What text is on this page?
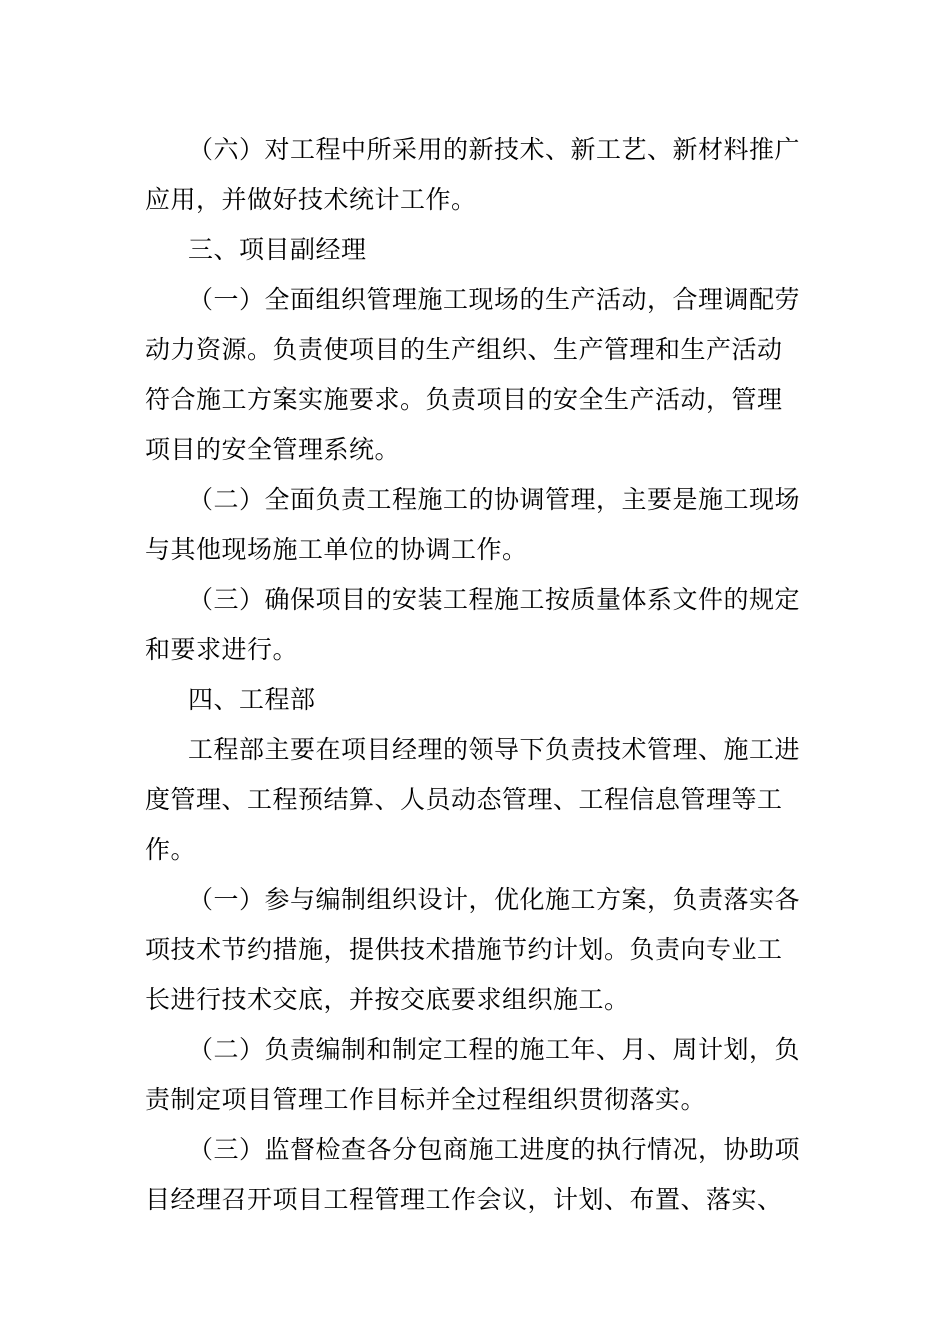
（六）对工程中所采用的新技术、新工艺、新材料推广
应用，并做好技术统计工作。
三、项目副经理
（一）全面组织管理施工现场的生产活动，合理调配劳
动力资源。负责使项目的生产组织、生产管理和生产活动
符合施工方案实施要求。负责项目的安全生产活动，管理
项目的安全管理系统。
（二）全面负责工程施工的协调管理，主要是施工现场
与其他现场施工单位的协调工作。
（三）确保项目的安装工程施工按质量体系文件的规定
和要求进行。
四、工程部
工程部主要在项目经理的领导下负责技术管理、施工进
度管理、工程预结算、人员动态管理、工程信息管理等工
作。
（一）参与编制组织设计，优化施工方案，负责落实各
项技术节约措施，提供技术措施节约计划。负责向专业工
长进行技术交底，并按交底要求组织施工。
（二）负责编制和制定工程的施工年、月、周计划，负
责制定项目管理工作目标并全过程组织贯彻落实。
（三）监督检查各分包商施工进度的执行情况，协助项
目经理召开项目工程管理工作会议，计划、布置、落实、
